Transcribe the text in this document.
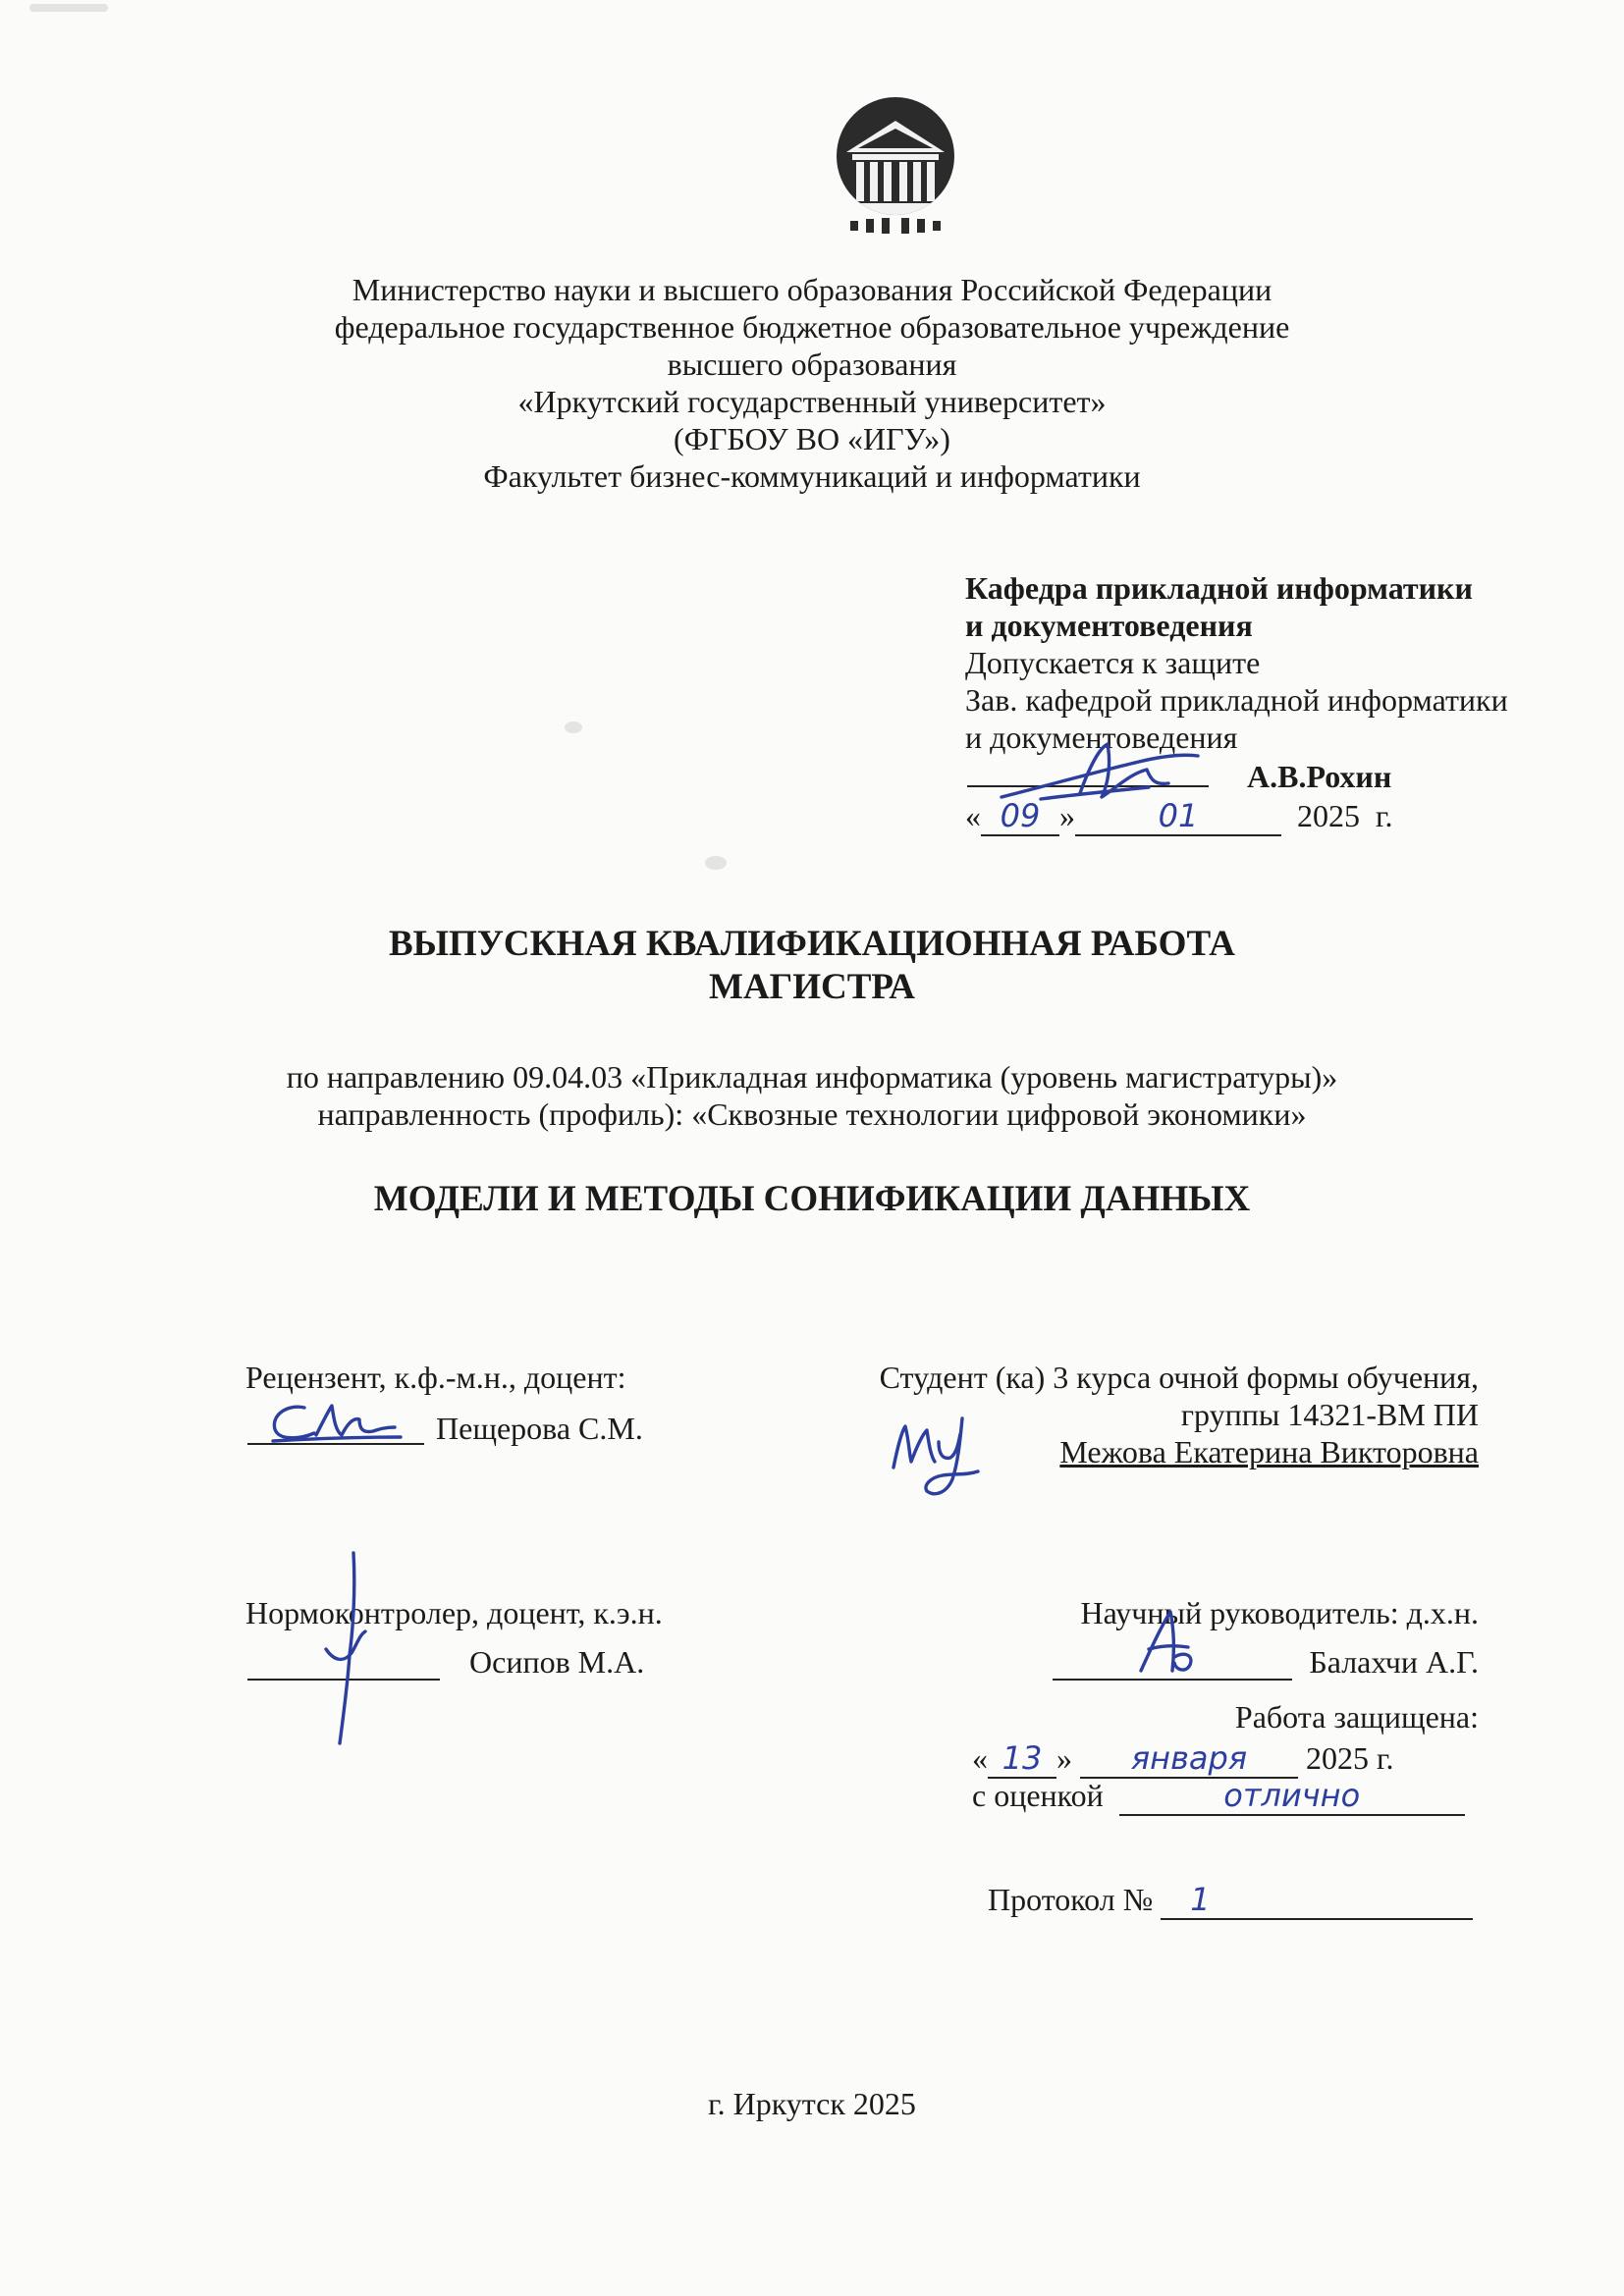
Министерство науки и высшего образования Российской Федерации
федеральное государственное бюджетное образовательное учреждение
высшего образования
«Иркутский государственный университет»
(ФГБОУ ВО «ИГУ»)
Факультет бизнес-коммуникаций и информатики
Кафедра прикладной информатики
и документоведения
Допускается к защите
Зав. кафедрой прикладной информатики
и документоведения
А.В.Рохин
« 09 »	01	2025 г.
ВЫПУСКНАЯ КВАЛИФИКАЦИОННАЯ РАБОТА
МАГИСТРА
по направлению 09.04.03 «Прикладная информатика (уровень магистратуры)»
направленность (профиль): «Сквозные технологии цифровой экономики»
МОДЕЛИ И МЕТОДЫ СОНИФИКАЦИИ ДАННЫХ
Рецензент, к.ф.-м.н., доцент:
Пещерова С.М.
Студент (ка) 3 курса очной формы обучения,
группы 14321-ВМ ПИ
Межова Екатерина Викторовна
Нормоконтролер, доцент, к.э.н.
Осипов М.А.
Научный руководитель: д.х.н.
Балахчи А.Г.
Работа защищена:
« 13 » января 2025 г.
с оценкой	отлично
Протокол № 1
г. Иркутск 2025
